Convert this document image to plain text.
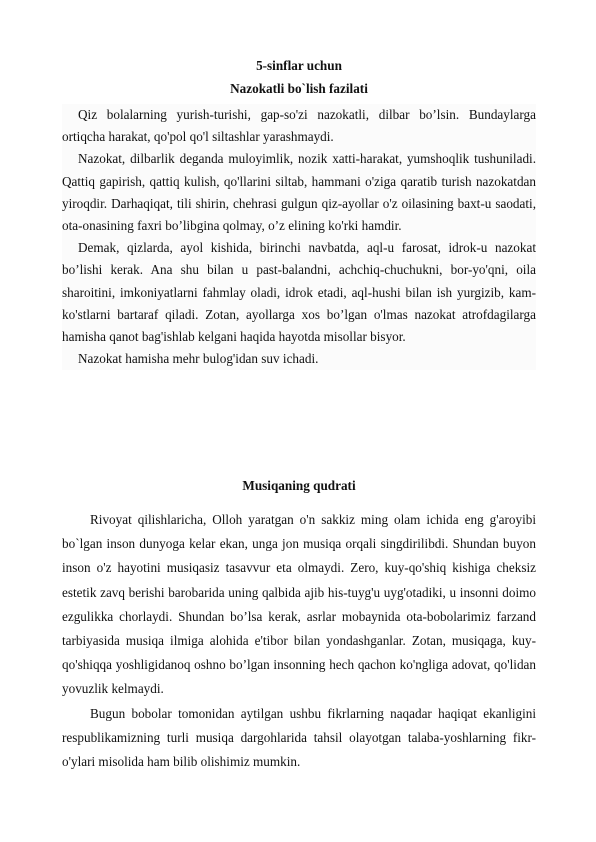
5-sinflar uchun
Nazokatli bo`lish fazilati

Qiz bolalarning yurish-turishi, gap-so'zi nazokatli, dilbar bo’lsin. Bundaylarga ortiqcha harakat, qo'pol qo'l siltashlar yarashmaydi.

Nazokat, dilbarlik deganda muloyimlik, nozik xatti-harakat, yumshoqlik tushuniladi. Qattiq gapirish, qattiq kulish, qo'llarini siltab, hammani o'ziga qaratib turish nazokatdan yiroqdir. Darhaqiqat, tili shirin, chehrasi gulgun qiz-ayollar o'z oilasining baxt-u saodati, ota-onasining faxri bo’libgina qolmay, o’z elining ko'rki hamdir.

Demak, qizlarda, ayol kishida, birinchi navbatda, aql-u farosat, idrok-u nazokat bo’lishi kerak. Ana shu bilan u past-balandni, achchiq-chuchukni, bor-yo'qni, oila sharoitini, imkoniyatlarni fahmlay oladi, idrok etadi, aql-hushi bilan ish yurgizib, kam-ko'stlarni bartaraf qiladi. Zotan, ayollarga xos bo’lgan o'lmas nazokat atrofdagilarga hamisha qanot bag'ishlab kelgani haqida hayotda misollar bisyor.

Nazokat hamisha mehr bulog'idan suv ichadi.

Musiqaning qudrati

Rivoyat qilishlaricha, Olloh yaratgan o'n sakkiz ming olam ichida eng g'aroyibi bo`lgan inson dunyoga kelar ekan, unga jon musiqa orqali singdirilibdi. Shundan buyon inson o'z hayotini musiqasiz tasavvur eta olmaydi. Zero, kuy-qo'shiq kishiga cheksiz estetik zavq berishi barobarida uning qalbida ajib his-tuyg'u uyg'otadiki, u insonni doimo ezgulikka chorlaydi. Shundan bo’lsa kerak, asrlar mobaynida ota-bobolarimiz farzand tarbiyasida musiqa ilmiga alohida e'tibor bilan yondashganlar. Zotan, musiqaga, kuy-qo'shiqqa yoshligidanoq oshno bo’lgan insonning hech qachon ko'ngliga adovat, qo'lidan yovuzlik kelmaydi.

Bugun bobolar tomonidan aytilgan ushbu fikrlarning naqadar haqiqat ekanligini respublikamizning turli musiqa dargohlarida tahsil olayotgan talaba-yoshlarning fikr-o'ylari misolida ham bilib olishimiz mumkin.
